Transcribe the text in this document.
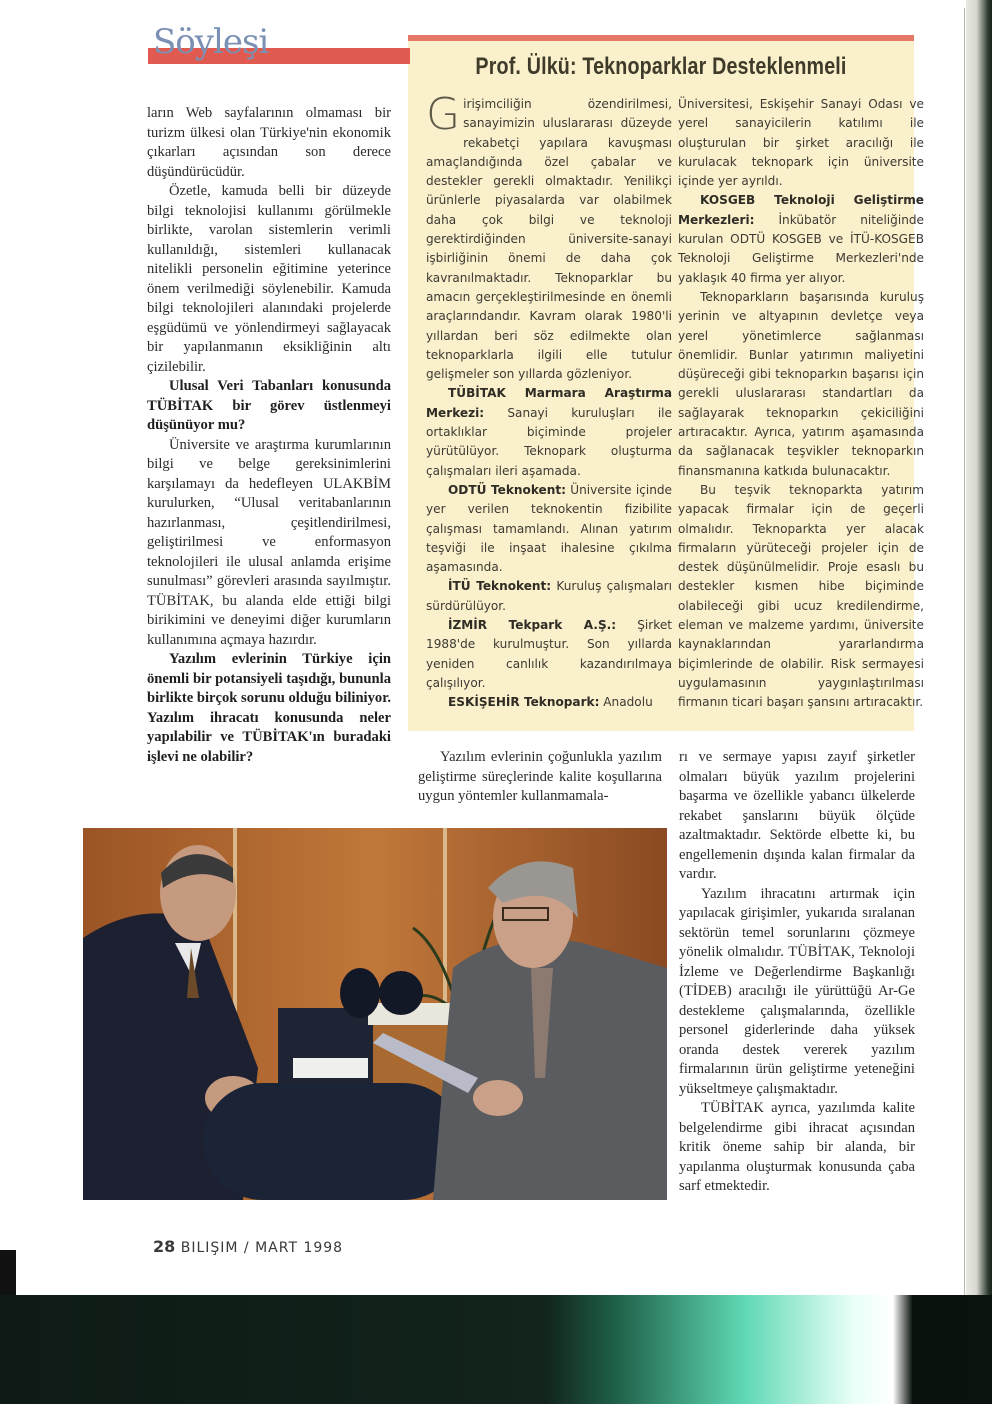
Söyleşi
Prof. Ülkü: Teknoparklar Desteklenmeli

Girişimciliğin özendirilmesi, sanayimizin uluslararası düzeyde rekabetçi yapılara kavuşması amaçlandığında özel çabalar ve destekler gerekli olmaktadır. Yenilikçi ürünlerle piyasalarda var olabilmek daha çok bilgi ve teknoloji gerektirdiğinden üniversite-sanayi işbirliğinin önemi de daha çok kavranılmaktadır. Teknoparklar bu amacın gerçekleştirilmesinde en önemli araçlarındandır. Kavram olarak 1980'li yıllardan beri söz edilmekte olan teknoparklarla ilgili elle tutulur gelişmeler son yıllarda gözleniyor.

TÜBİTAK Marmara Araştırma Merkezi: Sanayi kuruluşları ile ortaklıklar biçiminde projeler yürütülüyor. Teknopark oluşturma çalışmaları ileri aşamada.

ODTÜ Teknokent: Üniversite içinde yer verilen teknokentin fizibilite çalışması tamamlandı. Alınan yatırım teşviği ile inşaat ihalesine çıkılma aşamasında.

İTÜ Teknokent: Kuruluş çalışmaları sürdürülüyor.

İZMİR Tekpark A.Ş.: Şirket 1988'de kurulmuştur. Son yıllarda yeniden canlılık kazandırılmaya çalışılıyor.

ESKİŞEHİR Teknopark: Anadolu

Üniversitesi, Eskişehir Sanayi Odası ve yerel sanayicilerin katılımı ile oluşturulan bir şirket aracılığı ile kurulacak teknopark için üniversite içinde yer ayrıldı.

KOSGEB Teknoloji Geliştirme Merkezleri: İnkübatör niteliğinde kurulan ODTÜ KOSGEB ve İTÜ-KOSGEB Teknoloji Geliştirme Merkezleri'nde yaklaşık 40 firma yer alıyor.

Teknoparkların başarısında kuruluş yerinin ve altyapının devletçe veya yerel yönetimlerce sağlanması önemlidir. Bunlar yatırımın maliyetini düşüreceği gibi teknoparkın başarısı için gerekli uluslararası standartları da sağlayarak teknoparkın çekiciliğini artıracaktır. Ayrıca, yatırım aşamasında da sağlanacak teşvikler teknoparkın finansmanına katkıda bulunacaktır.

Bu teşvik teknoparkta yatırım yapacak firmalar için de geçerli olmalıdır. Teknoparkta yer alacak firmaların yürüteceği projeler için de destek düşünülmelidir. Proje esaslı bu destekler kısmen hibe biçiminde olabileceği gibi ucuz kredilendirme, eleman ve malzeme yardımı, üniversite kaynaklarından yararlandırma biçimlerinde de olabilir. Risk sermayesi uygulamasının yaygınlaştırılması firmanın ticari başarı şansını artıracaktır.

ların Web sayfalarının olmaması bir turizm ülkesi olan Türkiye'nin ekonomik çıkarları açısından son derece düşündürücüdür.

Özetle, kamuda belli bir düzeyde bilgi teknolojisi kullanımı görülmekle birlikte, varolan sistemlerin verimli kullanıldığı, sistemleri kullanacak nitelikli personelin eğitimine yeterince önem verilmediği söylenebilir. Kamuda bilgi teknolojileri alanındaki projelerde eşgüdümü ve yönlendirmeyi sağlayacak bir yapılanmanın eksikliğinin altı çizilebilir.

Ulusal Veri Tabanları konusunda TÜBİTAK bir görev üstlenmeyi düşünüyor mu?

Üniversite ve araştırma kurumlarının bilgi ve belge gereksinimlerini karşılamayı da hedefleyen ULAKBİM kurulurken, “Ulusal veritabanlarının hazırlanması, çeşitlendirilmesi, geliştirilmesi ve enformasyon teknolojileri ile ulusal anlamda erişime sunulması” görevleri arasında sayılmıştır. TÜBİTAK, bu alanda elde ettiği bilgi birikimini ve deneyimi diğer kurumların kullanımına açmaya hazırdır.

Yazılım evlerinin Türkiye için önemli bir potansiyeli taşıdığı, bununla birlikte birçok sorunu olduğu biliniyor. Yazılım ihracatı konusunda neler yapılabilir ve TÜBİTAK'ın buradaki işlevi ne olabilir?	Yazılım evlerinin çoğunlukla yazılım geliştirme süreçlerinde kalite koşullarına uygun yöntemler kullanmamala-

rı ve sermaye yapısı zayıf şirketler olmaları büyük yazılım projelerini başarma ve özellikle yabancı ülkelerde rekabet şanslarını büyük ölçüde azaltmaktadır. Sektörde elbette ki, bu engellemenin dışında kalan firmalar da vardır.

Yazılım ihracatını artırmak için yapılacak girişimler, yukarıda sıralanan sektörün temel sorunlarını çözmeye yönelik olmalıdır. TÜBİTAK, Teknoloji İzleme ve Değerlendirme Başkanlığı (TİDEB) aracılığı ile yürüttüğü Ar-Ge destekleme çalışmalarında, özellikle personel giderlerinde daha yüksek oranda destek vererek yazılım firmalarının ürün geliştirme yeteneğini yükseltmeye çalışmaktadır.

TÜBİTAK ayrıca, yazılımda kalite belgelendirme gibi ihracat açısından kritik öneme sahip bir alanda, bir yapılanma oluşturmak konusunda çaba sarf etmektedir.

28 BILIŞIM / MART 1998
